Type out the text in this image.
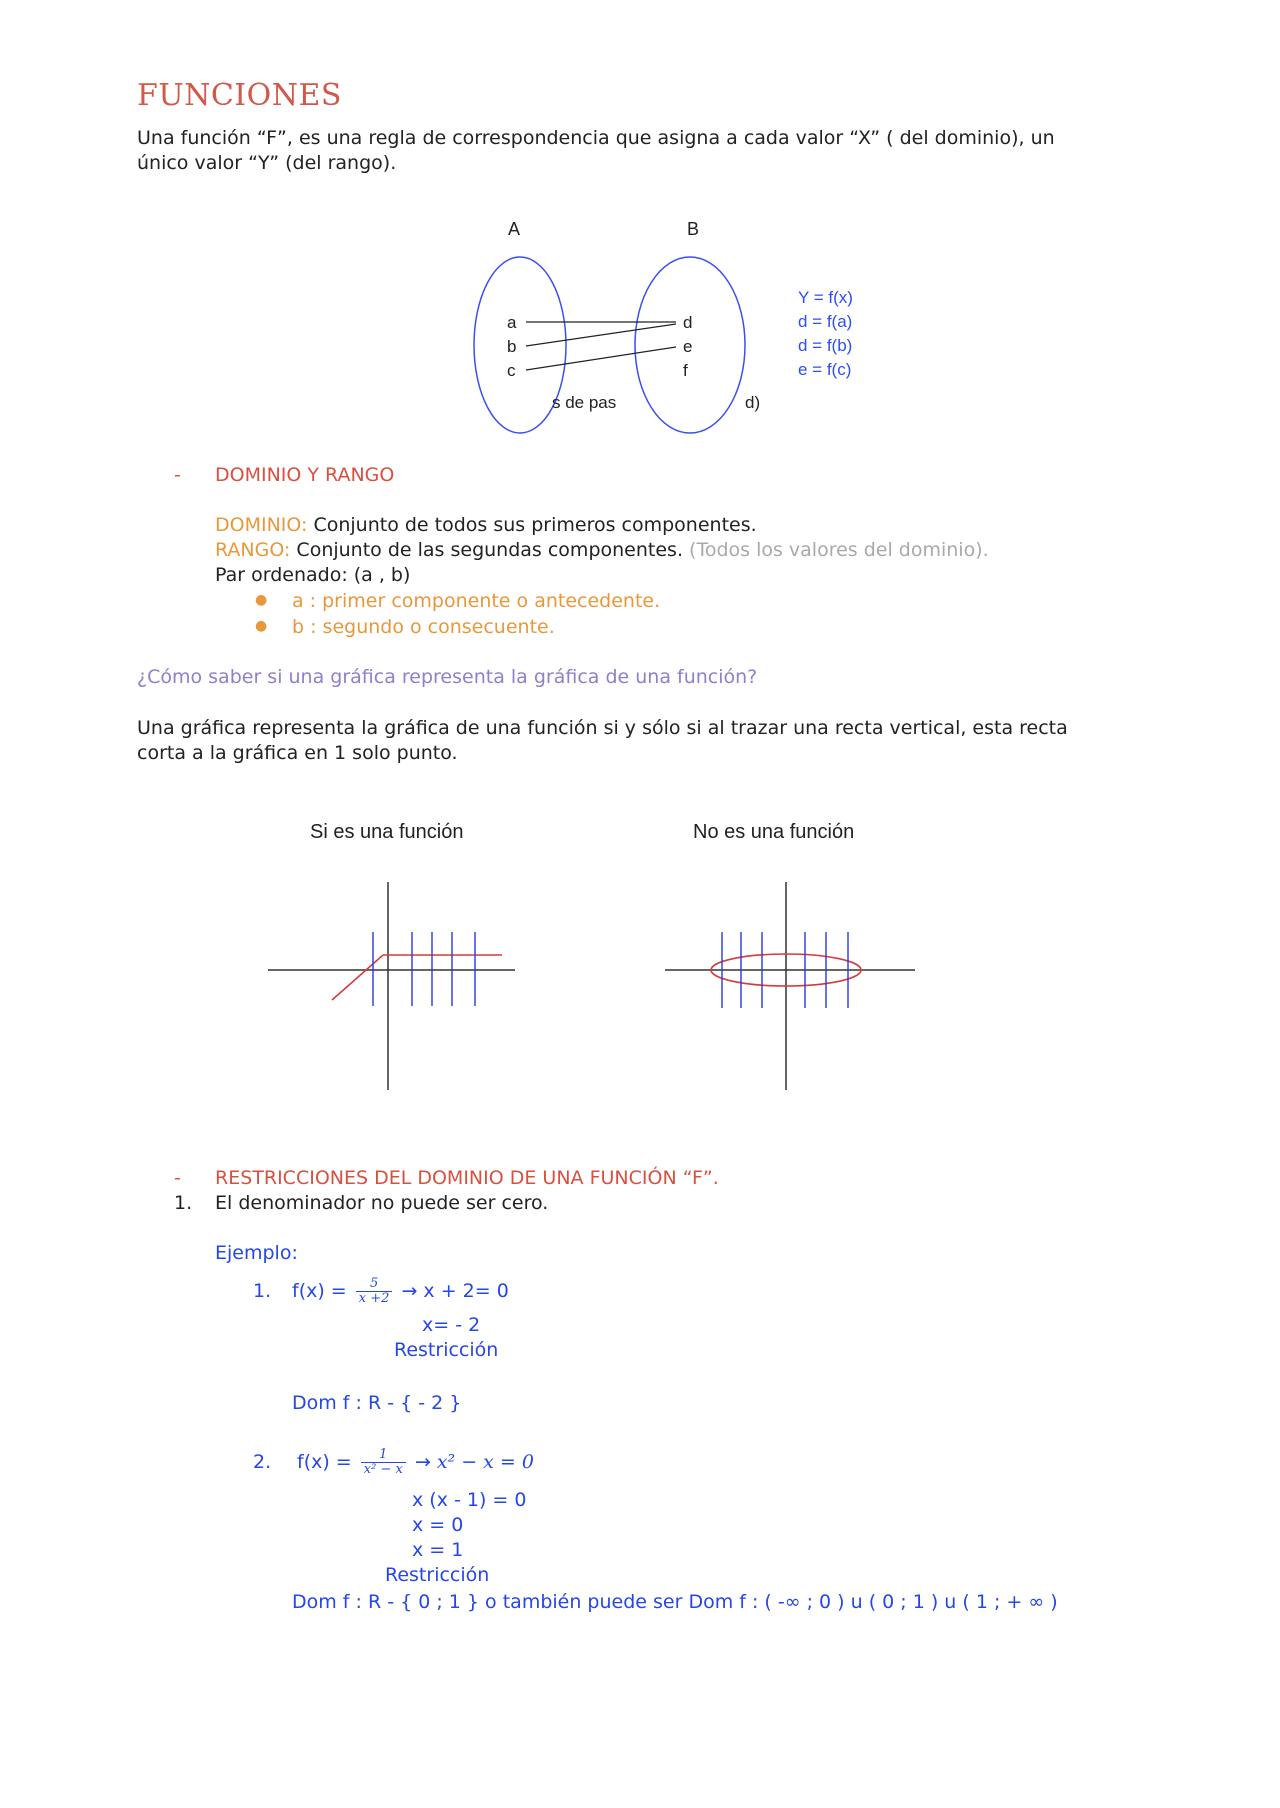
FUNCIONES
Una función “F”, es una regla de correspondencia que asigna a cada valor “X” ( del dominio), un
único valor “Y” (del rango).
A	B
a
b
c
d
e
f
s de pas	d)
Y = f(x)
d = f(a)
d = f(b)
e = f(c)
- DOMINIO Y RANGO
DOMINIO: Conjunto de todos sus primeros componentes.
RANGO: Conjunto de las segundas componentes. (Todos los valores del dominio).
Par ordenado: (a , b)
● a : primer componente o antecedente.
● b : segundo o consecuente.
¿Cómo saber si una gráfica representa la gráfica de una función?
Una gráfica representa la gráfica de una función si y sólo si al trazar una recta vertical, esta recta
corta a la gráfica en 1 solo punto.
Si es una función	No es una función
- RESTRICCIONES DEL DOMINIO DE UNA FUNCIÓN “F”.
1. El denominador no puede ser cero.
Ejemplo:
1. $f(x) = \frac{5}{x +2} \to x + 2= 0$
x= - 2
Restricción
Dom f : R - { - 2 }
2. $f(x) = \frac{1}{\text{x² − x}} \to x^2 - x = 0$
x (x - 1) = 0
x = 0
x = 1
Restricción
Dom f : R - { 0 ; 1 } o también puede ser Dom f : ( -∞ ; 0 ) u ( 0 ; 1 ) u ( 1 ; + ∞ )
